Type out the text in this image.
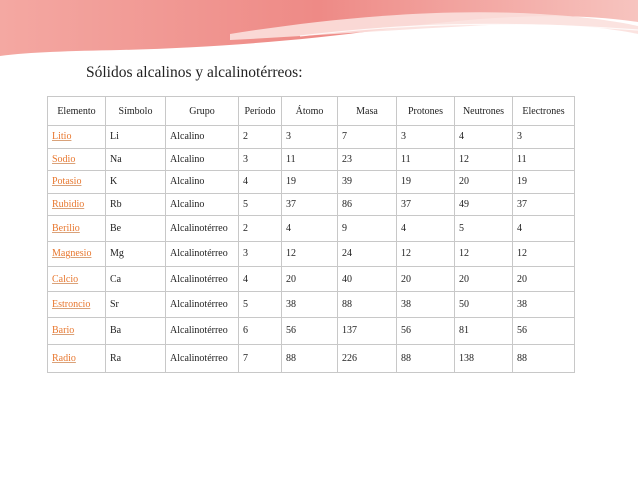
Sólidos alcalinos y alcalinotérreos:
Elemento	Símbolo	Grupo	Período	Átomo	Masa	Protones	Neutrones	Electrones
Litio	Li	Alcalino	2	3	7	3	4	3
Sodio	Na	Alcalino	3	11	23	11	12	11
Potasio	K	Alcalino	4	19	39	19	20	19
Rubidio	Rb	Alcalino	5	37	86	37	49	37
Berilio	Be	Alcalinotérreo	2	4	9	4	5	4
Magnesio	Mg	Alcalinotérreo	3	12	24	12	12	12
Calcio	Ca	Alcalinotérreo	4	20	40	20	20	20
Estroncio	Sr	Alcalinotérreo	5	38	88	38	50	38
Bario	Ba	Alcalinotérreo	6	56	137	56	81	56
Radio	Ra	Alcalinotérreo	7	88	226	88	138	88
